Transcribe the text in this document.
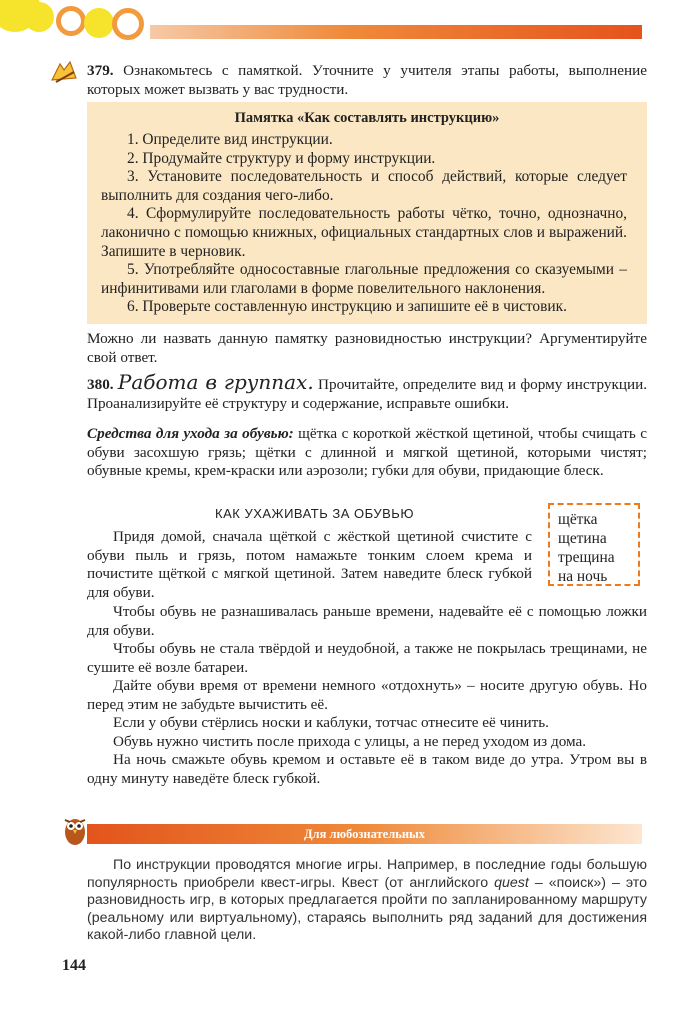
379. Ознакомьтесь с памяткой. Уточните у учителя этапы работы, выполнение которых может вызвать у вас трудности.

Памятка «Как составлять инструкцию»

1. Определите вид инструкции.

2. Продумайте структуру и форму инструкции.

3. Установите последовательность и способ действий, которые следует выполнить для создания чего-либо.

4. Сформулируйте последовательность работы чётко, точно, однозначно, лаконично с помощью книжных, официальных стандартных слов и выражений. Запишите в черновик.

5. Употребляйте односоставные глагольные предложения со сказуемыми – инфинитивами или глаголами в форме повелительного наклонения.

6. Проверьте составленную инструкцию и запишите её в чистовик.

Можно ли назвать данную памятку разновидностью инструкции? Аргументируйте свой ответ.

380. Работа в группах. Прочитайте, определите вид и форму инструкции. Проанализируйте её структуру и содержание, исправьте ошибки.

Средства для ухода за обувью: щётка с короткой жёсткой щетиной, чтобы счищать с обуви засохшую грязь; щётки с длинной и мягкой щетиной, которыми чистят; обувные кремы, крем-краски или аэрозоли; губки для обуви, придающие блеск.

КАК УХАЖИВАТЬ ЗА ОБУВЬЮ	щётка
щетина
трещина
на ночь

Придя домой, сначала щёткой с жёсткой щетиной счистите с обуви пыль и грязь, потом намажьте тонким слоем крема и почистите щёткой с мягкой щетиной. Затем наведите блеск губкой для обуви.

Чтобы обувь не разнашивалась раньше времени, надевайте её с помощью ложки для обуви.

Чтобы обувь не стала твёрдой и неудобной, а также не покрылась трещинами, не сушите её возле батареи.

Дайте обуви время от времени немного «отдохнуть» – носите другую обувь. Но перед этим не забудьте вычистить её.

Если у обуви стёрлись носки и каблуки, тотчас отнесите её чинить.

Обувь нужно чистить после прихода с улицы, а не перед уходом из дома.

На ночь смажьте обувь кремом и оставьте её в таком виде до утра. Утром вы в одну минуту наведёте блеск губкой.

Для любознательных

По инструкции проводятся многие игры. Например, в последние годы большую популярность приобрели квест-игры. Квест (от английского quest – «поиск») – это разновидность игр, в которых предлагается пройти по запланированному маршруту (реальному или виртуальному), стараясь выполнить ряд заданий для достижения какой-либо главной цели.

144
